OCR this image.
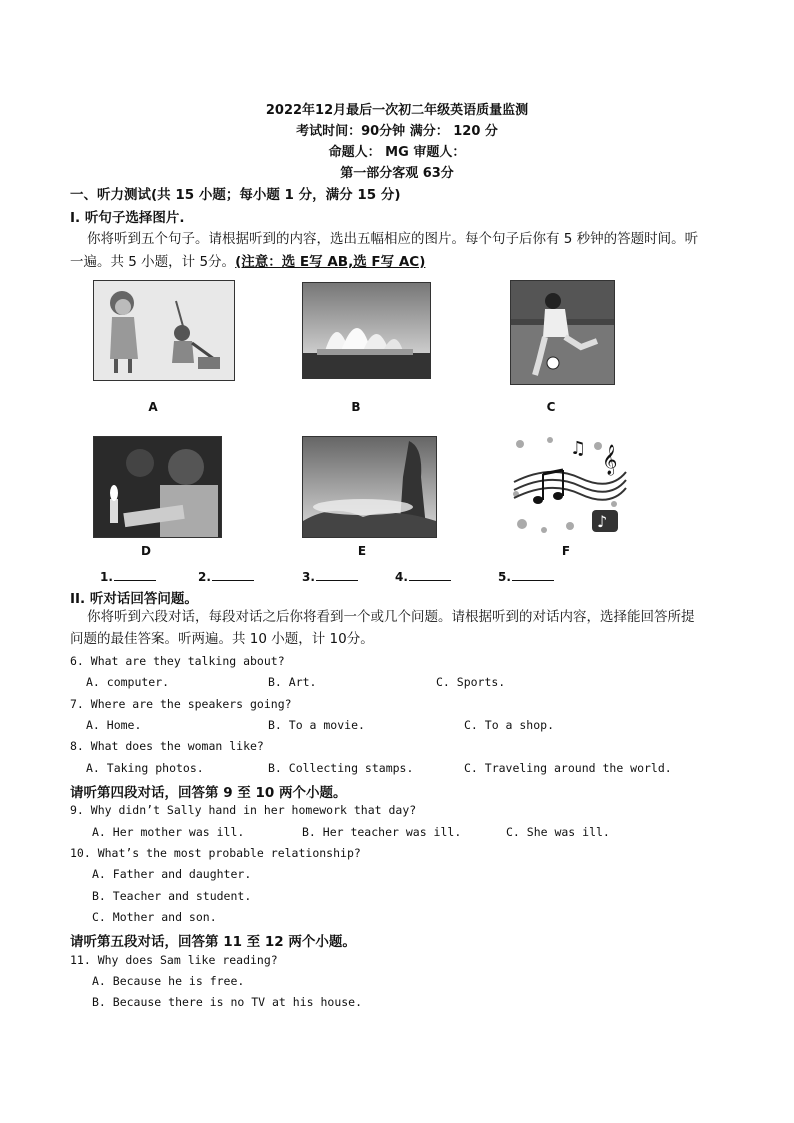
2022年12月最后一次初二年级英语质量监测
考试时间：90分钟 满分： 120 分
命题人： MG 审题人：
第一部分客观 63分
一、听力测试(共 15 小题；每小题 1 分，满分 15 分)
I. 听句子选择图片.
你将听到五个句子。请根据听到的内容，选出五幅相应的图片。每个句子后你有 5 秒钟的答题时间。听
一遍。共 5 小题，计 5分。(注意：选 E写 AB,选 F写 AC)
A	B	C
D	E
𝄞
♫
♪
F
1.	2.	3.	4.	5.
II. 听对话回答问题。
你将听到六段对话，每段对话之后你将看到一个或几个问题。请根据听到的对话内容，选择能回答所提
问题的最佳答案。听两遍。共 10 小题，计 10分。
6. What are they talking about?
A. computer.	B. Art.	C. Sports.
7. Where are the speakers going?
A. Home.	B. To a movie.	C. To a shop.
8. What does the woman like?
A. Taking photos.	B. Collecting stamps.	C. Traveling around the world.
请听第四段对话，回答第 9 至 10 两个小题。
9. Why didn’t Sally hand in her homework that day?
A. Her mother was ill.	B. Her teacher was ill.	C. She was ill.
10. What’s the most probable relationship?
A. Father and daughter.
B. Teacher and student.
C. Mother and son.
请听第五段对话，回答第 11 至 12 两个小题。
11. Why does Sam like reading?
A. Because he is free.
B. Because there is no TV at his house.
